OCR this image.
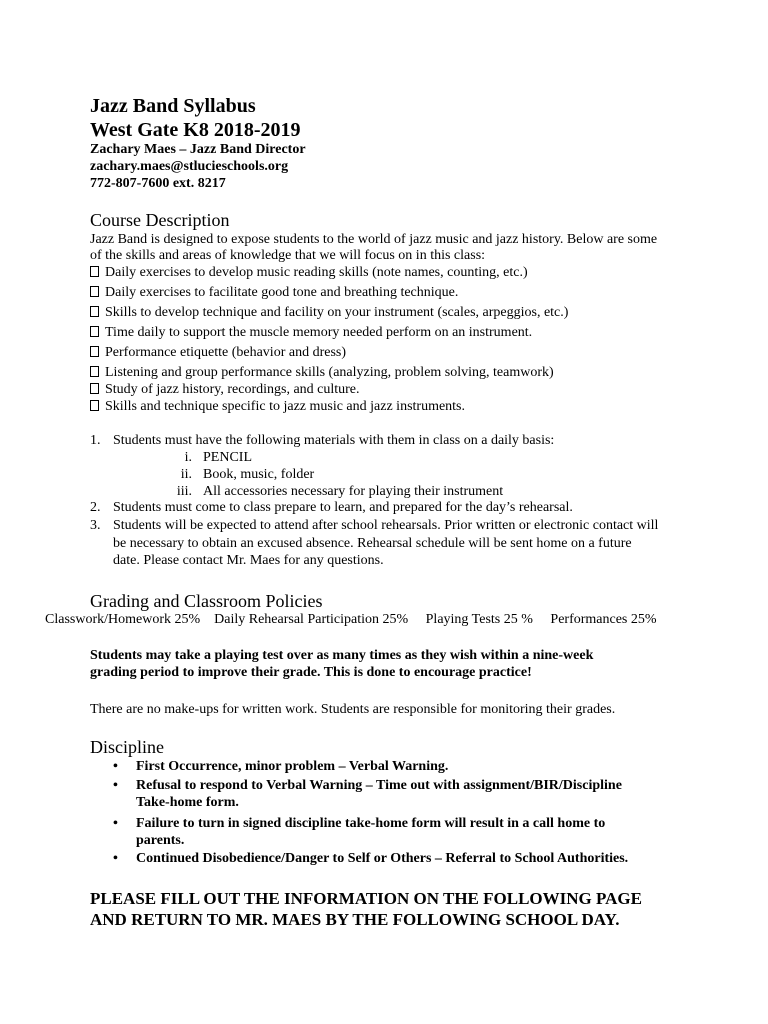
Jazz Band Syllabus
West Gate K8 2018-2019
Zachary Maes – Jazz Band Director
zachary.maes@stlucieschools.org
772-807-7600 ext. 8217
Course Description
Jazz Band is designed to expose students to the world of jazz music and jazz history. Below are some
of the skills and areas of knowledge that we will focus on in this class:
Daily exercises to develop music reading skills (note names, counting, etc.)
Daily exercises to facilitate good tone and breathing technique.
Skills to develop technique and facility on your instrument (scales, arpeggios, etc.)
Time daily to support the muscle memory needed perform on an instrument.
Performance etiquette (behavior and dress)
Listening and group performance skills (analyzing, problem solving, teamwork)
Study of jazz history, recordings, and culture.
Skills and technique specific to jazz music and jazz instruments.
1. Students must have the following materials with them in class on a daily basis:
i. PENCIL
ii. Book, music, folder
iii. All accessories necessary for playing their instrument
2. Students must come to class prepare to learn, and prepared for the day’s rehearsal.
3. Students will be expected to attend after school rehearsals. Prior written or electronic contact will
be necessary to obtain an excused absence. Rehearsal schedule will be sent home on a future
date. Please contact Mr. Maes for any questions.
Grading and Classroom Policies
Classwork/Homework 25%    Daily Rehearsal Participation 25%     Playing Tests 25 %     Performances 25%
Students may take a playing test over as many times as they wish within a nine-week
grading period to improve their grade. This is done to encourage practice!
There are no make-ups for written work. Students are responsible for monitoring their grades.
Discipline
• First Occurrence, minor problem – Verbal Warning.
• Refusal to respond to Verbal Warning – Time out with assignment/BIR/Discipline
Take-home form.
• Failure to turn in signed discipline take-home form will result in a call home to
parents.
• Continued Disobedience/Danger to Self or Others – Referral to School Authorities.
PLEASE FILL OUT THE INFORMATION ON THE FOLLOWING PAGE
AND RETURN TO MR. MAES BY THE FOLLOWING SCHOOL DAY.
